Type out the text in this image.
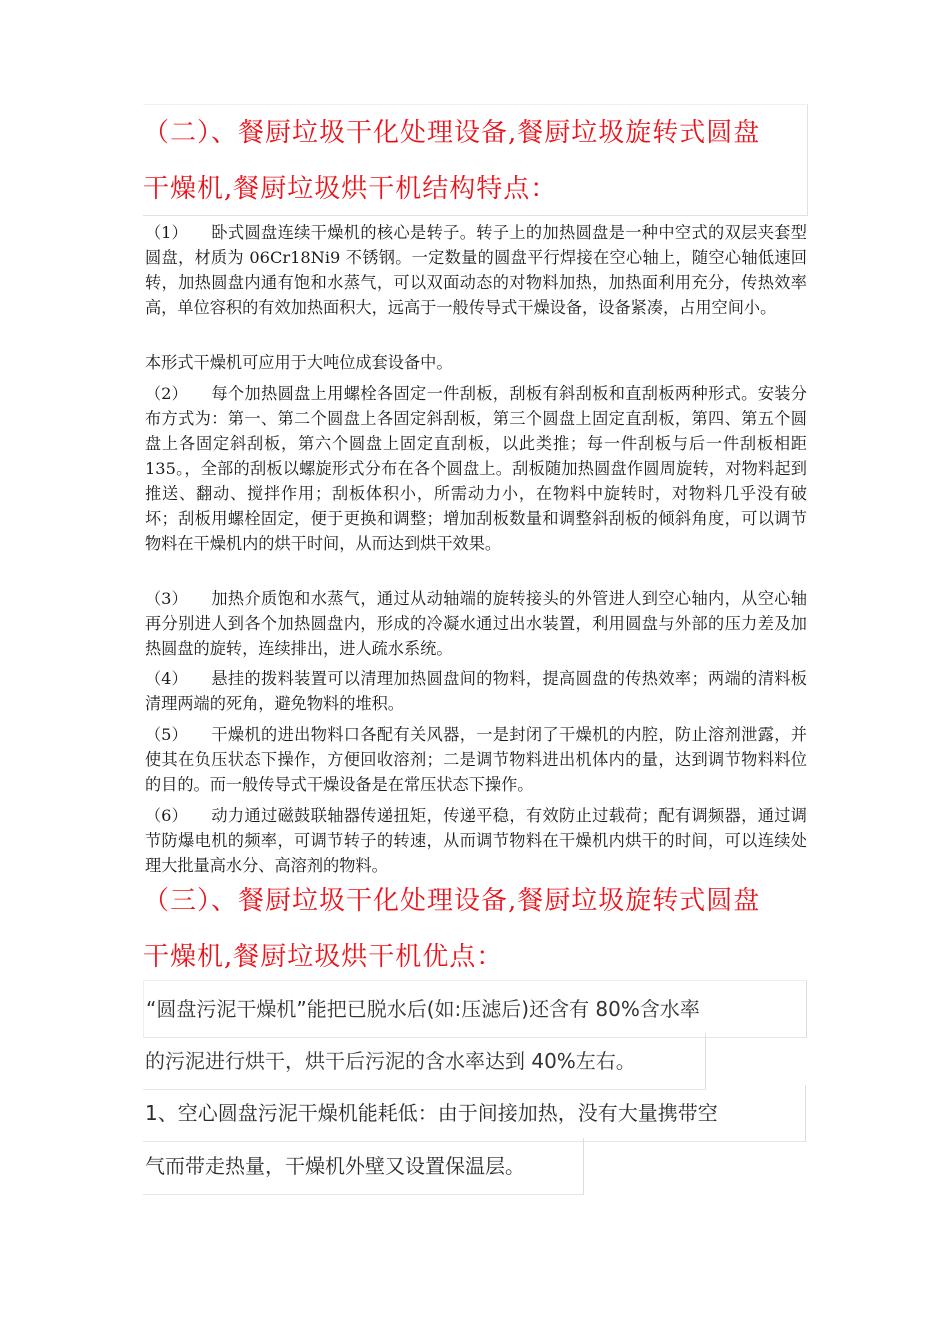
（二）、餐厨垃圾干化处理设备,餐厨垃圾旋转式圆盘
干燥机,餐厨垃圾烘干机结构特点：

（1） 卧式圆盘连续干燥机的核心是转子。转子上的加热圆盘是一种中空式的双层夹套型圆盘，材质为 06Cr18Ni9 不锈钢。一定数量的圆盘平行焊接在空心轴上，随空心轴低速回转，加热圆盘内通有饱和水蒸气，可以双面动态的对物料加热，加热面利用充分，传热效率高，单位容积的有效加热面积大，远高于一般传导式干燥设备，设备紧凑，占用空间小。

本形式干燥机可应用于大吨位成套设备中。

（2） 每个加热圆盘上用螺栓各固定一件刮板，刮板有斜刮板和直刮板两种形式。安装分布方式为：第一、第二个圆盘上各固定斜刮板，第三个圆盘上固定直刮板，第四、第五个圆盘上各固定斜刮板，第六个圆盘上固定直刮板，以此类推；每一件刮板与后一件刮板相距 135。，全部的刮板以螺旋形式分布在各个圆盘上。刮板随加热圆盘作圆周旋转，对物料起到推送、翻动、搅拌作用；刮板体积小，所需动力小，在物料中旋转时，对物料几乎没有破坏；刮板用螺栓固定，便于更换和调整；增加刮板数量和调整斜刮板的倾斜角度，可以调节物料在干燥机内的烘干时间，从而达到烘干效果。

（3） 加热介质饱和水蒸气，通过从动轴端的旋转接头的外管进人到空心轴内，从空心轴再分别进人到各个加热圆盘内，形成的冷凝水通过出水装置，利用圆盘与外部的压力差及加热圆盘的旋转，连续排出，进人疏水系统。

（4） 悬挂的拨料装置可以清理加热圆盘间的物料，提高圆盘的传热效率；两端的清料板清理两端的死角，避免物料的堆积。

（5） 干燥机的进出物料口各配有关风器，一是封闭了干燥机的内腔，防止溶剂泄露，并使其在负压状态下操作，方便回收溶剂；二是调节物料进出机体内的量，达到调节物料料位的目的。而一般传导式干燥设备是在常压状态下操作。

（6） 动力通过磁鼓联轴器传递扭矩，传递平稳，有效防止过载荷；配有调频器，通过调节防爆电机的频率，可调节转子的转速，从而调节物料在干燥机内烘干的时间，可以连续处理大批量高水分、高溶剂的物料。

（三）、餐厨垃圾干化处理设备,餐厨垃圾旋转式圆盘
干燥机,餐厨垃圾烘干机优点：
“圆盘污泥干燥机”能把已脱水后(如:压滤后)还含有 80%含水率
的污泥进行烘干，烘干后污泥的含水率达到 40%左右。
1、空心圆盘污泥干燥机能耗低：由于间接加热，没有大量携带空
气而带走热量，干燥机外壁又设置保温层。
